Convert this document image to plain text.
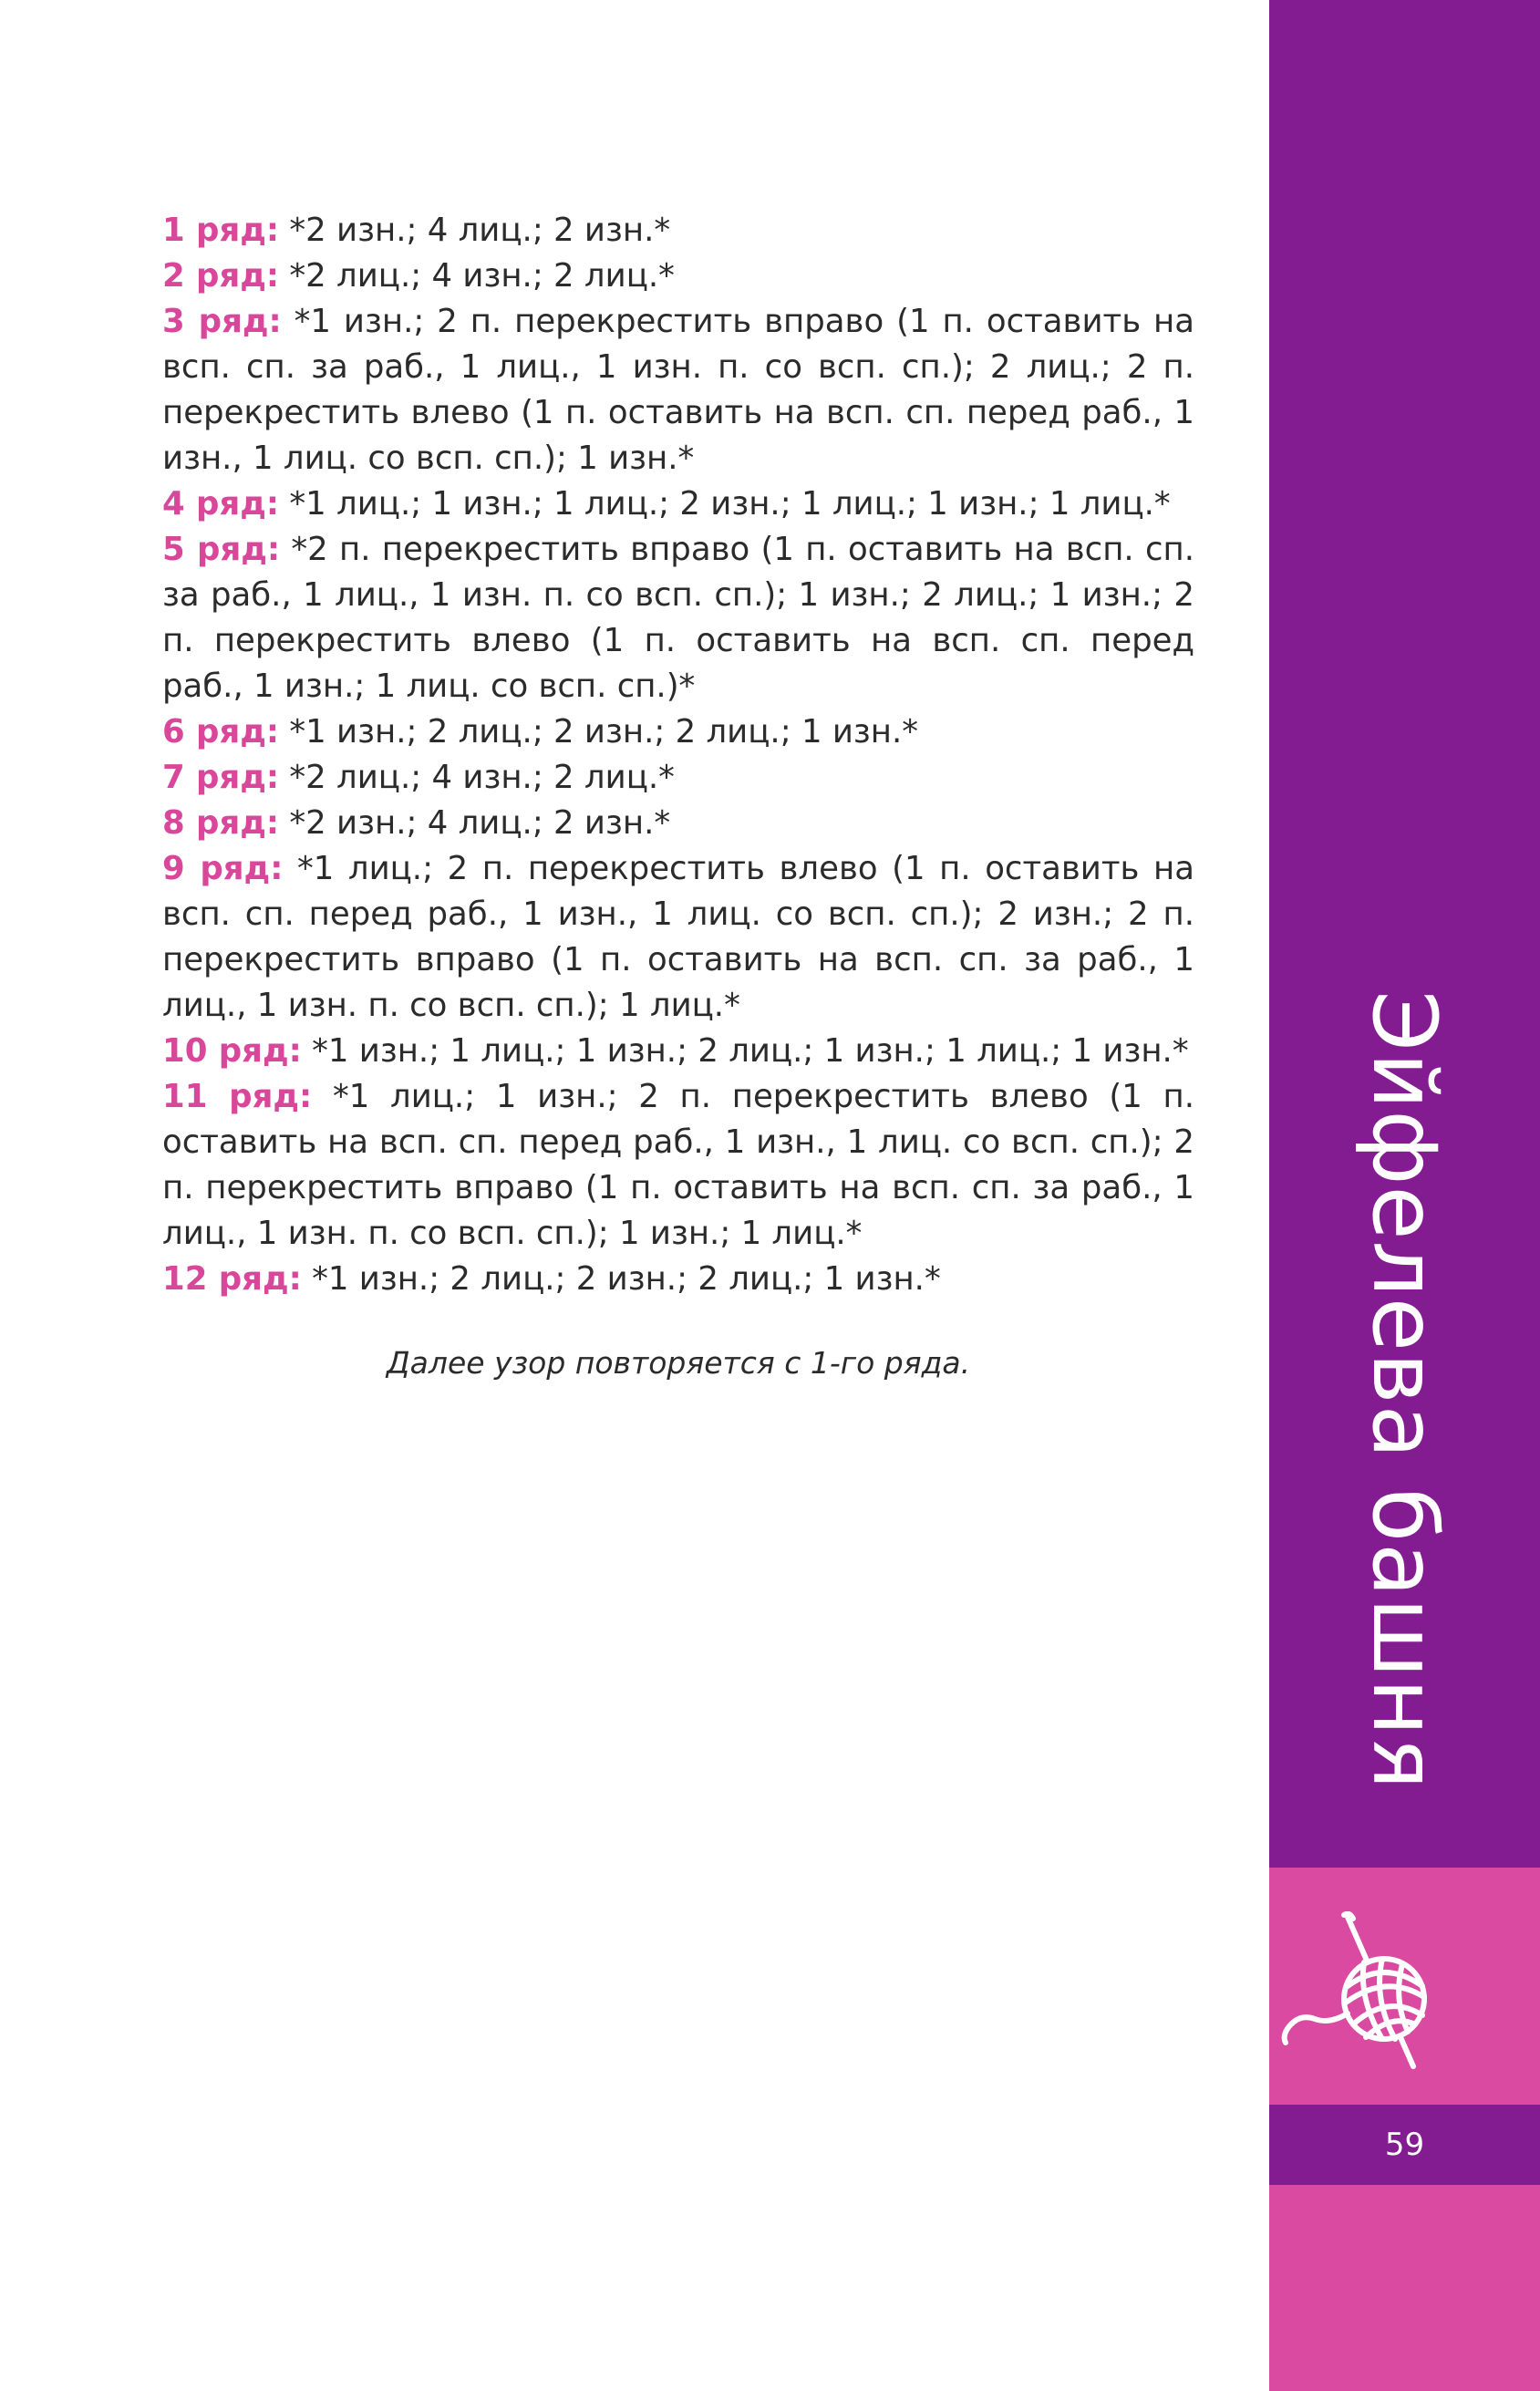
1 ряд: *2 изн.; 4 лиц.; 2 изн.*
2 ряд: *2 лиц.; 4 изн.; 2 лиц.*
3 ряд: *1 изн.; 2 п. перекрестить вправо (1 п. оставить на всп. сп. за раб., 1 лиц., 1 изн. п. со всп. сп.); 2 лиц.; 2 п. перекрестить влево (1 п. оставить на всп. сп. перед раб., 1 изн., 1 лиц. со всп. сп.); 1 изн.*
4 ряд: *1 лиц.; 1 изн.; 1 лиц.; 2 изн.; 1 лиц.; 1 изн.; 1 лиц.*
5 ряд: *2 п. перекрестить вправо (1 п. оставить на всп. сп. за раб., 1 лиц., 1 изн. п. со всп. сп.); 1 изн.; 2 лиц.; 1 изн.; 2 п. перекрестить влево (1 п. оставить на всп. сп. перед раб., 1 изн.; 1 лиц. со всп. сп.)*
6 ряд: *1 изн.; 2 лиц.; 2 изн.; 2 лиц.; 1 изн.*
7 ряд: *2 лиц.; 4 изн.; 2 лиц.*
8 ряд: *2 изн.; 4 лиц.; 2 изн.*
9 ряд: *1 лиц.; 2 п. перекрестить влево (1 п. оставить на всп. сп. перед раб., 1 изн., 1 лиц. со всп. сп.); 2 изн.; 2 п. перекрестить вправо (1 п. оставить на всп. сп. за раб., 1 лиц., 1 изн. п. со всп. сп.); 1 лиц.*
10 ряд: *1 изн.; 1 лиц.; 1 изн.; 2 лиц.; 1 изн.; 1 лиц.; 1 изн.*
11 ряд: *1 лиц.; 1 изн.; 2 п. перекрестить влево (1 п. оставить на всп. сп. перед раб., 1 изн., 1 лиц. со всп. сп.); 2 п. перекрестить вправо (1 п. оставить на всп. сп. за раб., 1 лиц., 1 изн. п. со всп. сп.); 1 изн.; 1 лиц.*
12 ряд: *1 изн.; 2 лиц.; 2 изн.; 2 лиц.; 1 изн.*
Далее узор повторяется с 1-го ряда.	Эйфелева башня
59
